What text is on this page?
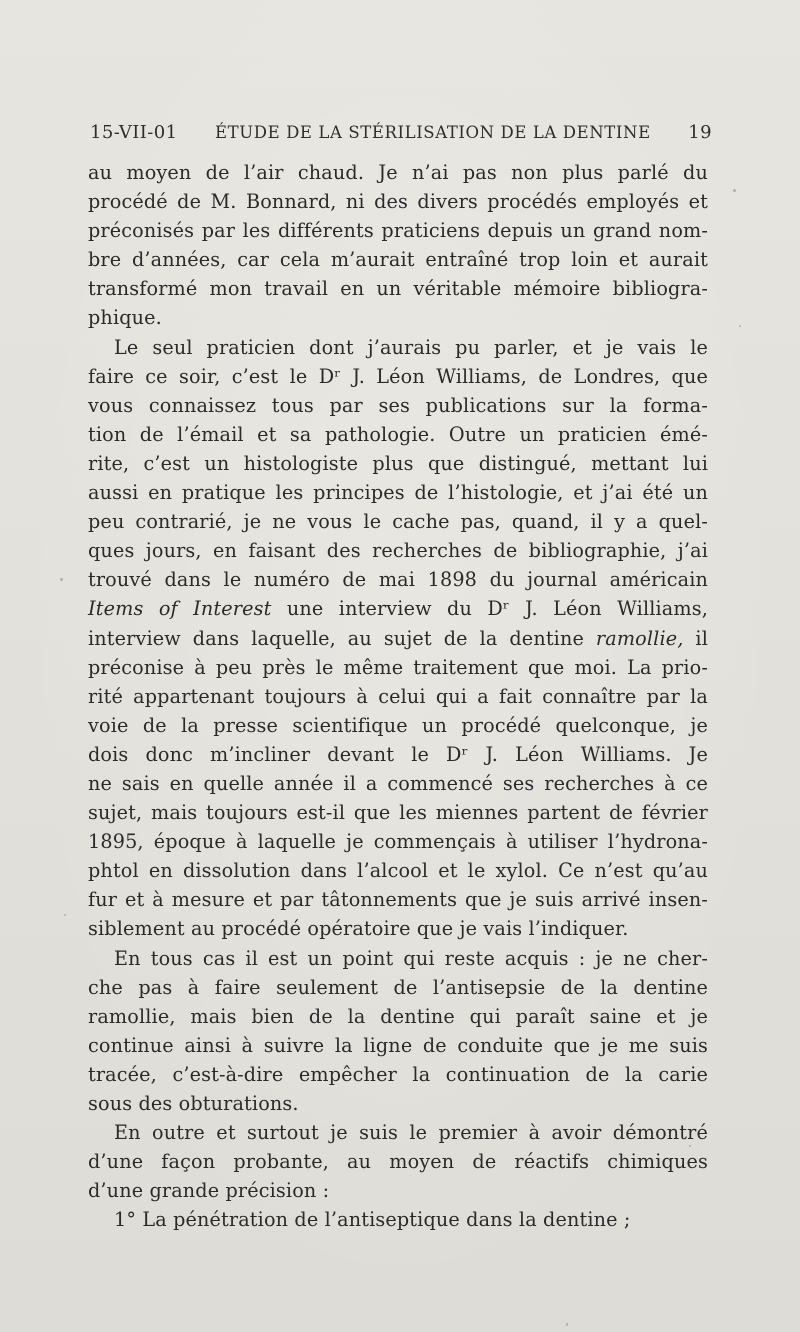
15-VII-01 ÉTUDE DE LA STÉRILISATION DE LA DENTINE 19
au moyen de l’air chaud. Je n’ai pas non plus parlé du
procédé de M. Bonnard, ni des divers procédés employés et
préconisés par les différents praticiens depuis un grand nom-
bre d’années, car cela m’aurait entraîné trop loin et aurait
transformé mon travail en un véritable mémoire bibliogra-
phique.
Le seul praticien dont j’aurais pu parler, et je vais le
faire ce soir, c’est le Dʳ J. Léon Williams, de Londres, que
vous connaissez tous par ses publications sur la forma-
tion de l’émail et sa pathologie. Outre un praticien émé-
rite, c’est un histologiste plus que distingué, mettant lui
aussi en pratique les principes de l’histologie, et j’ai été un
peu contrarié, je ne vous le cache pas, quand, il y a quel-
ques jours, en faisant des recherches de bibliographie, j’ai
trouvé dans le numéro de mai 1898 du journal américain
Items of Interest une interview du Dʳ J. Léon Williams,
interview dans laquelle, au sujet de la dentine ramollie, il
préconise à peu près le même traitement que moi. La prio-
rité appartenant toujours à celui qui a fait connaître par la
voie de la presse scientifique un procédé quelconque, je
dois donc m’incliner devant le Dʳ J. Léon Williams. Je
ne sais en quelle année il a commencé ses recherches à ce
sujet, mais toujours est-il que les miennes partent de février
1895, époque à laquelle je commençais à utiliser l’hydrona-
phtol en dissolution dans l’alcool et le xylol. Ce n’est qu’au
fur et à mesure et par tâtonnements que je suis arrivé insen-
siblement au procédé opératoire que je vais l’indiquer.
En tous cas il est un point qui reste acquis : je ne cher-
che pas à faire seulement de l’antisepsie de la dentine
ramollie, mais bien de la dentine qui paraît saine et je
continue ainsi à suivre la ligne de conduite que je me suis
tracée, c’est-à-dire empêcher la continuation de la carie
sous des obturations.
En outre et surtout je suis le premier à avoir démontré
d’une façon probante, au moyen de réactifs chimiques
d’une grande précision :
1° La pénétration de l’antiseptique dans la dentine ;
